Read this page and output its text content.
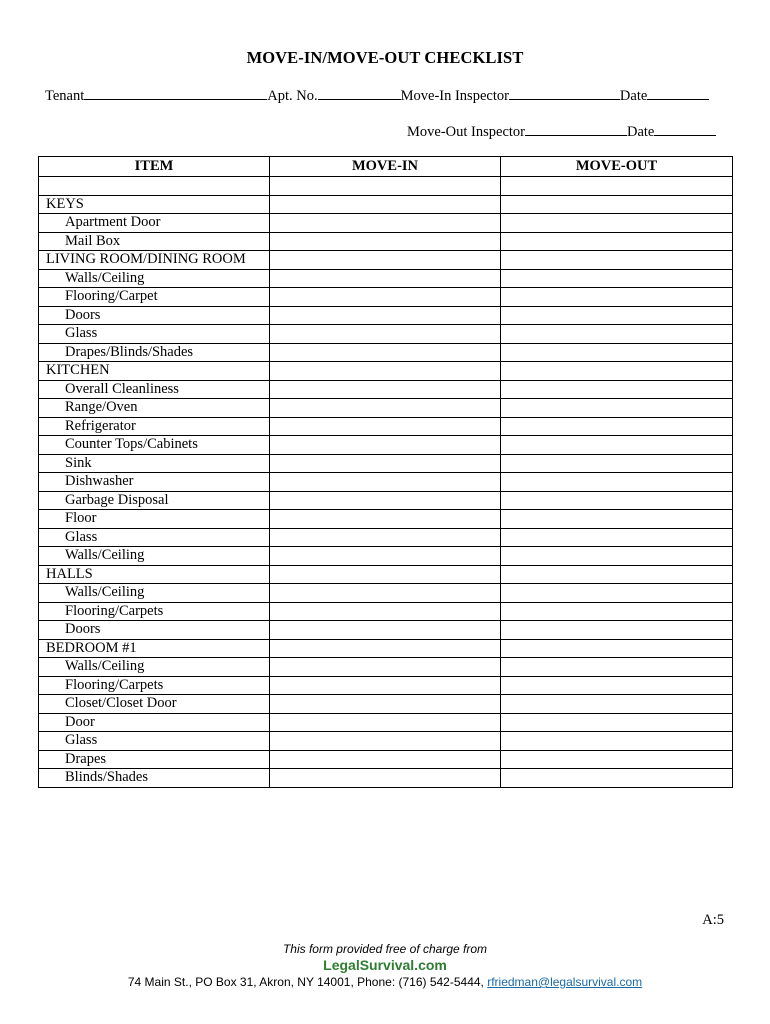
MOVE-IN/MOVE-OUT CHECKLIST
Tenant	Apt. No.	Move-In Inspector	Date
Move-Out Inspector	Date
ITEM	MOVE-IN	MOVE-OUT

KEYS		
Apartment Door		
Mail Box		
LIVING ROOM/DINING ROOM		
Walls/Ceiling		
Flooring/Carpet		
Doors		
Glass		
Drapes/Blinds/Shades		
KITCHEN		
Overall Cleanliness		
Range/Oven		
Refrigerator		
Counter Tops/Cabinets		
Sink		
Dishwasher		
Garbage Disposal		
Floor		
Glass		
Walls/Ceiling		
HALLS		
Walls/Ceiling		
Flooring/Carpets		
Doors		
BEDROOM #1		
Walls/Ceiling		
Flooring/Carpets		
Closet/Closet Door		
Door		
Glass		
Drapes		
Blinds/Shades		
A:5
This form provided free of charge from
LegalSurvival.com
74 Main St., PO Box 31, Akron, NY 14001, Phone: (716) 542-5444, rfriedman@legalsurvival.com
